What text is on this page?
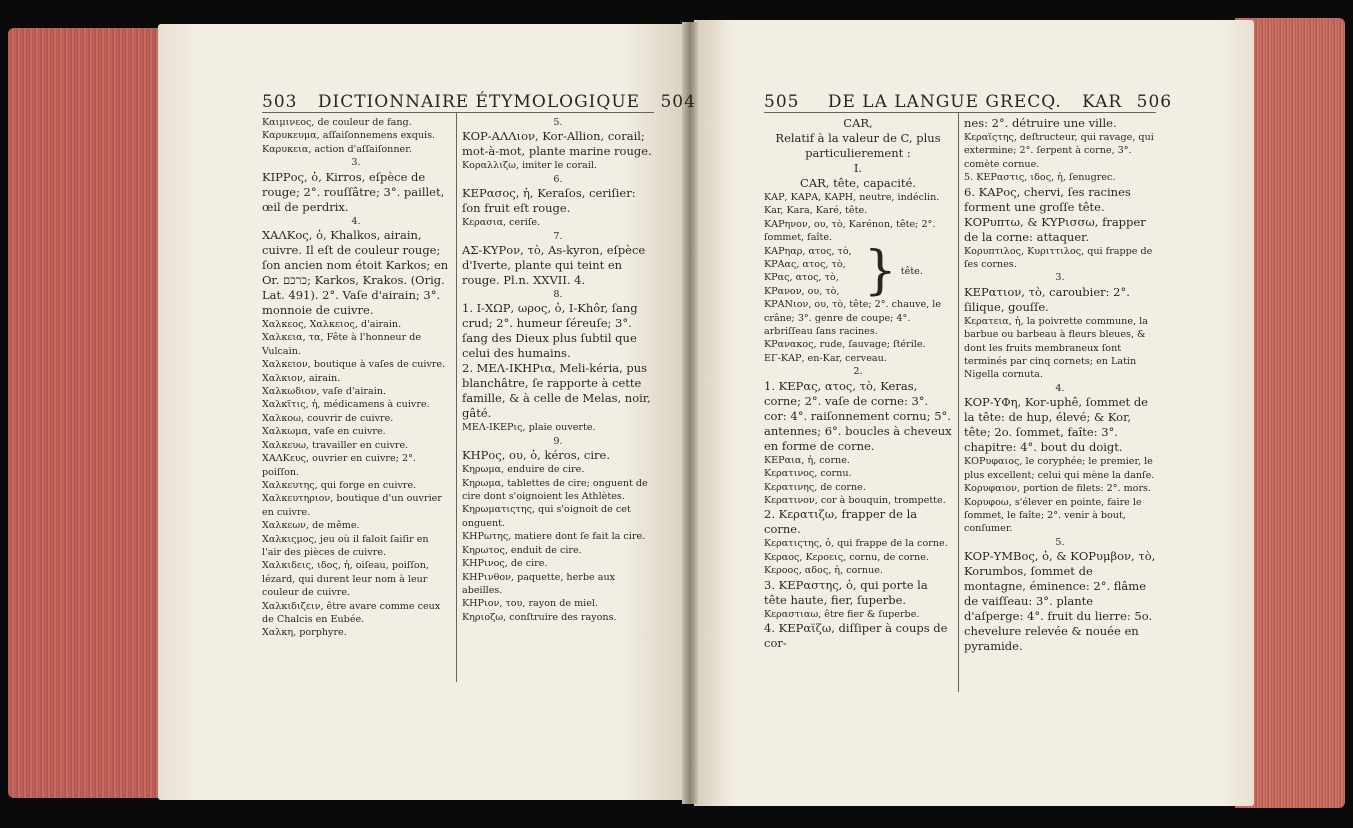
503 DICTIONNAIRE ÉTYMOLOGIQUE 504

Καιμινεος, de couleur de fang.

Καρυκευμα, aſſaiſonnemens exquis.

Καρυκεια, action d'aſſaiſonner.

3.

ΚΙΡΡος, ὁ, Kirros, eſpèce de rouge; 2°. rouſſâtre; 3°. paillet, œil de perdrix.

4.

ΧΑΛΚος, ὁ, Khalkos, airain, cuivre. Il eſt de couleur rouge; ſon ancien nom étoit Karkos; en Or. כרכם; Karkos, Krakos. (Orig. Lat. 491). 2°. Vaſe d'airain; 3°. monnoie de cuivre.

Χαλκεος, Χαλκειος, d'airain.

Χαλκεια, τα, Fête à l'honneur de Vulcain.

Χαλκειον, boutique à vaſes de cuivre.

Χαλκιον, airain.

Χαλκωδιον, vaſe d'airain.

Χαλκῖτις, ἡ, médicamens à cuivre.

Χαλκοω, couvrir de cuivre.

Χαλκωμα, vaſe en cuivre.

Χαλκευω, travailler en cuivre.

ΧΑΛΚευς, ouvrier en cuivre; 2°. poiſſon.

Χαλκευτης, qui forge en cuivre.

Χαλκευτηριον, boutique d'un ouvrier en cuivre.

Χαλκεων, de même.

Χαλκιςμος, jeu où il faloit ſaiſir en l'air des pièces de cuivre.

Χαλκιδεις, ιδος, ἡ, oiſeau, poiſſon, lézard, qui durent leur nom à leur couleur de cuivre.

Χαλκιδιζειν, être avare comme ceux de Chalcis en Eubée.

Χαλκη, porphyre.

5.

ΚΟΡ-ΑΛΛιον, Kor-Allion, corail; mot-à-mot, plante marine rouge.

Κοραλλιζω, imiter le corail.

6.

ΚΕΡασος, ἡ, Keraſos, ceriſier: ſon fruit eſt rouge.

Κερασια, ceriſe.

7.

ΑΣ-ΚΥΡον, τὸ, As-kyron, eſpèce d'Iverte, plante qui teint en rouge. Pl.n. XXVII. 4.

8.

1. Ι-ΧΩΡ, ωρος, ὁ, I-Khôr, ſang crud; 2°. humeur ſéreuſe; 3°. ſang des Dieux plus ſubtil que celui des humains.

2. ΜΕΛ-ΙΚΗΡια, Meli-kéria, pus blanchâtre, ſe rapporte à cette famille, & à celle de Melas, noir, gâté.

ΜΕΛ-ΙΚΕΡις, plaie ouverte.

9.

ΚΗΡος, ου, ὁ, kéros, cire.

Κηρωμα, enduire de cire.

Κηρωμα, tablettes de cire; onguent de cire dont s'oignoient les Athlètes.

Κηρωματιςτης, qui s'oignoit de cet onguent.

ΚΗΡωτης, matiere dont ſe fait la cire.

Κηρωτος, enduit de cire.

ΚΗΡινος, de cire.

ΚΗΡινθον, paquette, herbe aux abeilles.

ΚΗΡιον, του, rayon de miel.

Κηριοζω, conſtruire des rayons.

505 DE LA LANGUE GRECQ. KAR 506

CAR,

Relatif à la valeur de C, plus particulierement :

I.

CAR, tête, capacité.

ΚΑΡ, ΚΑΡΑ, ΚΑΡΗ, neutre, indéclin. Kar, Kara, Karé, tête.

ΚΑΡηνον, ου, τὸ, Karénon, tête; 2°. ſommet, faîte.

ΚΑΡηαρ, ατος, τὸ,

ΚΡΑας, ατος, τὸ,

ΚΡας, ατος, τὸ,

ΚΡανον, ου, τὸ, } tête.

ΚΡΑΝιον, ου, τὸ, tête; 2°. chauve, le crâne; 3°. genre de coupe; 4°. arbriſſeau ſans racines.

ΚΡανακος, rude, ſauvage; ſtérile.

ΕΓ-ΚΑΡ, en-Kar, cerveau.

2.

1. ΚΕΡας, ατος, τὸ, Keras, corne; 2°. vaſe de corne: 3°. cor: 4°. raiſonnement cornu; 5°. antennes; 6°. boucles à cheveux en forme de corne.

ΚΕΡαια, ἡ, corne.

Κερατινος, cornu.

Κερατινης, de corne.

Κερατινον, cor à bouquin, trompette.

2. Κερατιζω, frapper de la corne.

Κερατιςτης, ὁ, qui frappe de la corne.

Κεραος, Κεροεις, cornu, de corne.

Κεροος, αδος, ἡ, cornue.

3. ΚΕΡαστης, ὁ, qui porte la tête haute, fier, ſuperbe.

Κεραστιαω, être fier & ſuperbe.

4. ΚΕΡαϊζω, diſſiper à coups de cor-

nes: 2°. détruire une ville.

Κεραϊςτης, deſtructeur, qui ravage, qui extermine; 2°. ſerpent à corne, 3°. comète cornue.

5. ΚΕΡαστις, ιδος, ἡ, ſenugrec.

6. ΚΑΡος, chervi, ſes racines forment une groſſe tête.

ΚΟΡυπτω, & ΚΥΡισσω, frapper de la corne: attaquer.

Κορυπτιλος, Κυριττιλος, qui frappe de ſes cornes.

3.

ΚΕΡατιον, τὸ, caroubier: 2°. ſilique, gouſſe.

Κερατεια, ἡ, la poivrette commune, la barbue ou barbeau à fleurs bleues, & dont les fruits membraneux ſont terminés par cinq cornets; en Latin Nigella cornuta.

4.

ΚΟΡ-ΥΦη, Kor-uphê, ſommet de la tête: de hup, élevé; & Kor, tête; 2o. ſommet, faîte: 3°. chapitre: 4°. bout du doigt.

ΚΟΡυφαιος, le coryphée; le premier, le plus excellent; celui qui mène la danſe.

Κορυφαιον, portion de filets: 2°. mors.

Κορυφοω, s'élever en pointe, faire le ſommet, le faîte; 2°. venir à bout, conſumer.

5.

ΚΟΡ-ΥΜΒος, ὁ, & ΚΟΡυμβον, τὸ, Korumbos, ſommet de montagne, éminence: 2°. flâme de vaiſſeau: 3°. plante d'aſperge: 4°. fruit du lierre: 5o. chevelure relevée & nouée en pyramide.
